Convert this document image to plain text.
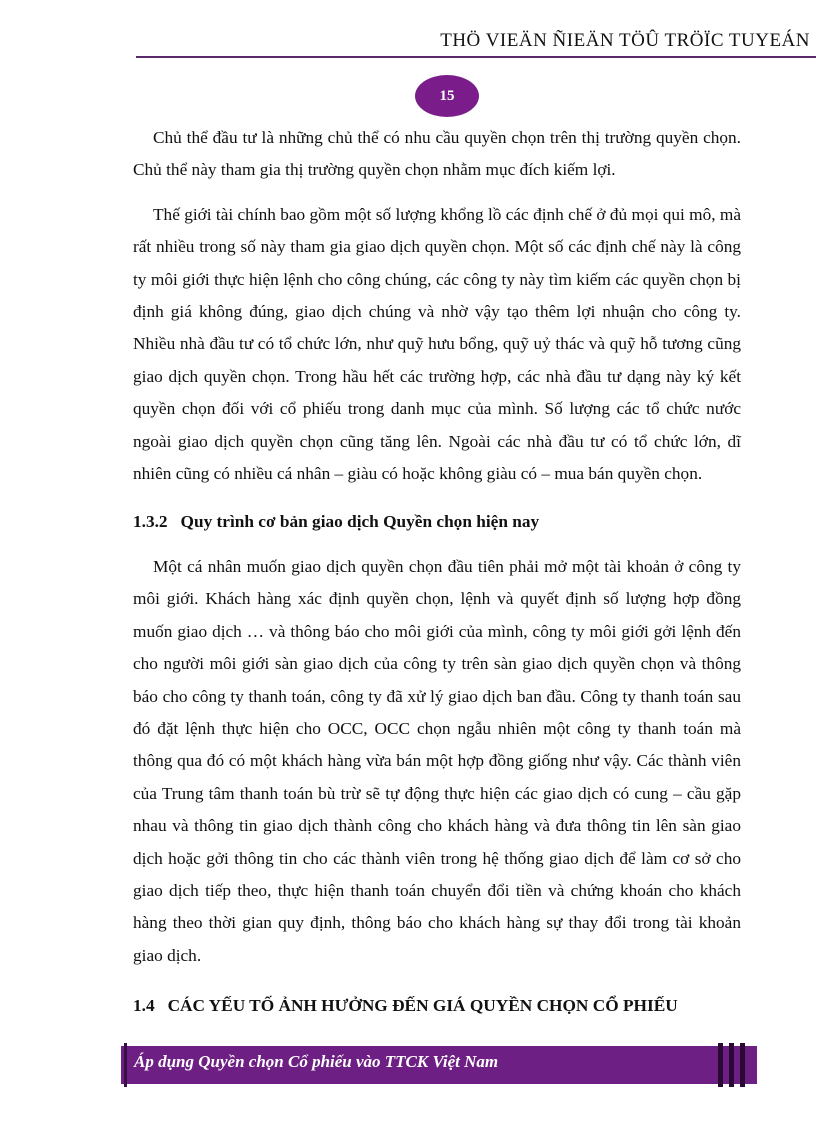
THÖ VIEÄN ÑIEÄN TÖÛ TRÖÏC TUYEÁN
15

Chủ thể đầu tư là những chủ thể có nhu cầu quyền chọn trên thị trường quyền chọn. Chủ thể này tham gia thị trường quyền chọn nhằm mục đích kiếm lợi.

Thế giới tài chính bao gồm một số lượng khổng lồ các định chế ở đủ mọi qui mô, mà rất nhiều trong số này tham gia giao dịch quyền chọn. Một số các định chế này là công ty môi giới thực hiện lệnh cho công chúng, các công ty này tìm kiếm các quyền chọn bị định giá không đúng, giao dịch chúng và nhờ vậy tạo thêm lợi nhuận cho công ty. Nhiều nhà đầu tư có tổ chức lớn, như quỹ hưu bổng, quỹ uỷ thác và quỹ hỗ tương cũng giao dịch quyền chọn. Trong hầu hết các trường hợp, các nhà đầu tư dạng này ký kết quyền chọn đối với cổ phiếu trong danh mục của mình. Số lượng các tổ chức nước ngoài giao dịch quyền chọn cũng tăng lên. Ngoài các nhà đầu tư có tổ chức lớn, dĩ nhiên cũng có nhiều cá nhân – giàu có hoặc không giàu có – mua bán quyền chọn.

1.3.2   Quy trình cơ bản giao dịch Quyền chọn hiện nay

Một cá nhân muốn giao dịch quyền chọn đầu tiên phải mở một tài khoản ở công ty môi giới. Khách hàng xác định quyền chọn, lệnh và quyết định số lượng hợp đồng muốn giao dịch … và thông báo cho môi giới của mình, công ty môi giới gởi lệnh đến cho người môi giới sàn giao dịch của công ty trên sàn giao dịch quyền chọn và thông báo cho công ty thanh toán, công ty đã xử lý giao dịch ban đầu. Công ty thanh toán sau đó đặt lệnh thực hiện cho OCC, OCC chọn ngẫu nhiên một công ty thanh toán mà thông qua đó có một khách hàng vừa bán một hợp đồng giống như vậy. Các thành viên của Trung tâm thanh toán bù trừ sẽ tự động thực hiện các giao dịch có cung – cầu gặp nhau và thông tin giao dịch thành công cho khách hàng và đưa thông tin lên sàn giao dịch hoặc gởi thông tin cho các thành viên trong hệ thống giao dịch để làm cơ sở cho giao dịch tiếp theo, thực hiện thanh toán chuyển đổi tiền và chứng khoán cho khách hàng theo thời gian quy định, thông báo cho khách hàng sự thay đổi trong tài khoản giao dịch.

1.4   CÁC YẾU TỐ ẢNH HƯỞNG ĐẾN GIÁ QUYỀN CHỌN CỔ PHIẾU
Áp dụng Quyền chọn Cổ phiếu vào TTCK Việt Nam
